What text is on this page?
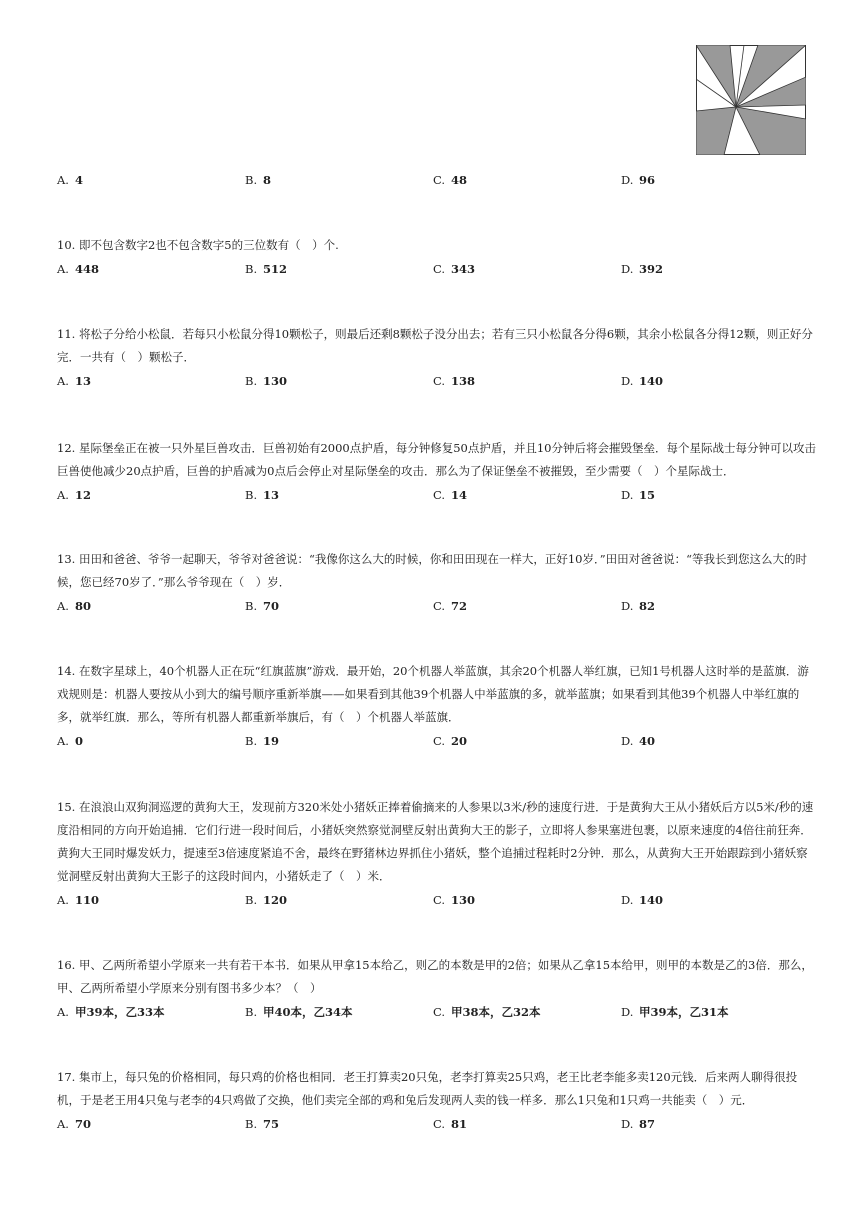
A. 4	B. 8	C. 48	D. 96

10. 即不包含数字2也不包含数字5的三位数有（　）个.

A. 448	B. 512	C. 343	D. 392

11. 将松子分给小松鼠．若每只小松鼠分得10颗松子，则最后还剩8颗松子没分出去；若有三只小松鼠各分得6颗，其余小松鼠各分得12颗，则正好分完．一共有（　）颗松子．

A. 13	B. 130	C. 138	D. 140

12. 星际堡垒正在被一只外星巨兽攻击．巨兽初始有2000点护盾，每分钟修复50点护盾，并且10分钟后将会摧毁堡垒．每个星际战士每分钟可以攻击巨兽使他减少20点护盾，巨兽的护盾减为0点后会停止对星际堡垒的攻击．那么为了保证堡垒不被摧毁，至少需要（　）个星际战士．

A. 12	B. 13	C. 14	D. 15

13. 田田和爸爸、爷爷一起聊天，爷爷对爸爸说：“我像你这么大的时候，你和田田现在一样大，正好10岁．”田田对爸爸说：“等我长到您这么大的时候，您已经70岁了．”那么爷爷现在（　）岁．

A. 80	B. 70	C. 72	D. 82

14. 在数字星球上，40个机器人正在玩“红旗蓝旗”游戏．最开始，20个机器人举蓝旗，其余20个机器人举红旗，已知1号机器人这时举的是蓝旗．游戏规则是：机器人要按从小到大的编号顺序重新举旗——如果看到其他39个机器人中举蓝旗的多，就举蓝旗；如果看到其他39个机器人中举红旗的多，就举红旗．那么，等所有机器人都重新举旗后，有（　）个机器人举蓝旗．

A. 0	B. 19	C. 20	D. 40

15. 在浪浪山双狗洞巡逻的黄狗大王，发现前方320米处小猪妖正捧着偷摘来的人参果以3米/秒的速度行进．于是黄狗大王从小猪妖后方以5米/秒的速度沿相同的方向开始追捕．它们行进一段时间后，小猪妖突然察觉洞壁反射出黄狗大王的影子，立即将人参果塞进包裹，以原来速度的4倍往前狂奔．黄狗大王同时爆发妖力，提速至3倍速度紧追不舍，最终在野猪林边界抓住小猪妖，整个追捕过程耗时2分钟．那么，从黄狗大王开始跟踪到小猪妖察觉洞壁反射出黄狗大王影子的这段时间内，小猪妖走了（　）米．

A. 110	B. 120	C. 130	D. 140

16. 甲、乙两所希望小学原来一共有若干本书．如果从甲拿15本给乙，则乙的本数是甲的2倍；如果从乙拿15本给甲，则甲的本数是乙的3倍．那么，甲、乙两所希望小学原来分别有图书多少本？（　）

A. 甲39本，乙33本	B. 甲40本，乙34本	C. 甲38本，乙32本	D. 甲39本，乙31本

17. 集市上，每只兔的价格相同，每只鸡的价格也相同．老王打算卖20只兔，老李打算卖25只鸡，老王比老李能多卖120元钱．后来两人聊得很投机，于是老王用4只兔与老李的4只鸡做了交换，他们卖完全部的鸡和兔后发现两人卖的钱一样多．那么1只兔和1只鸡一共能卖（　）元．

A. 70	B. 75	C. 81	D. 87
